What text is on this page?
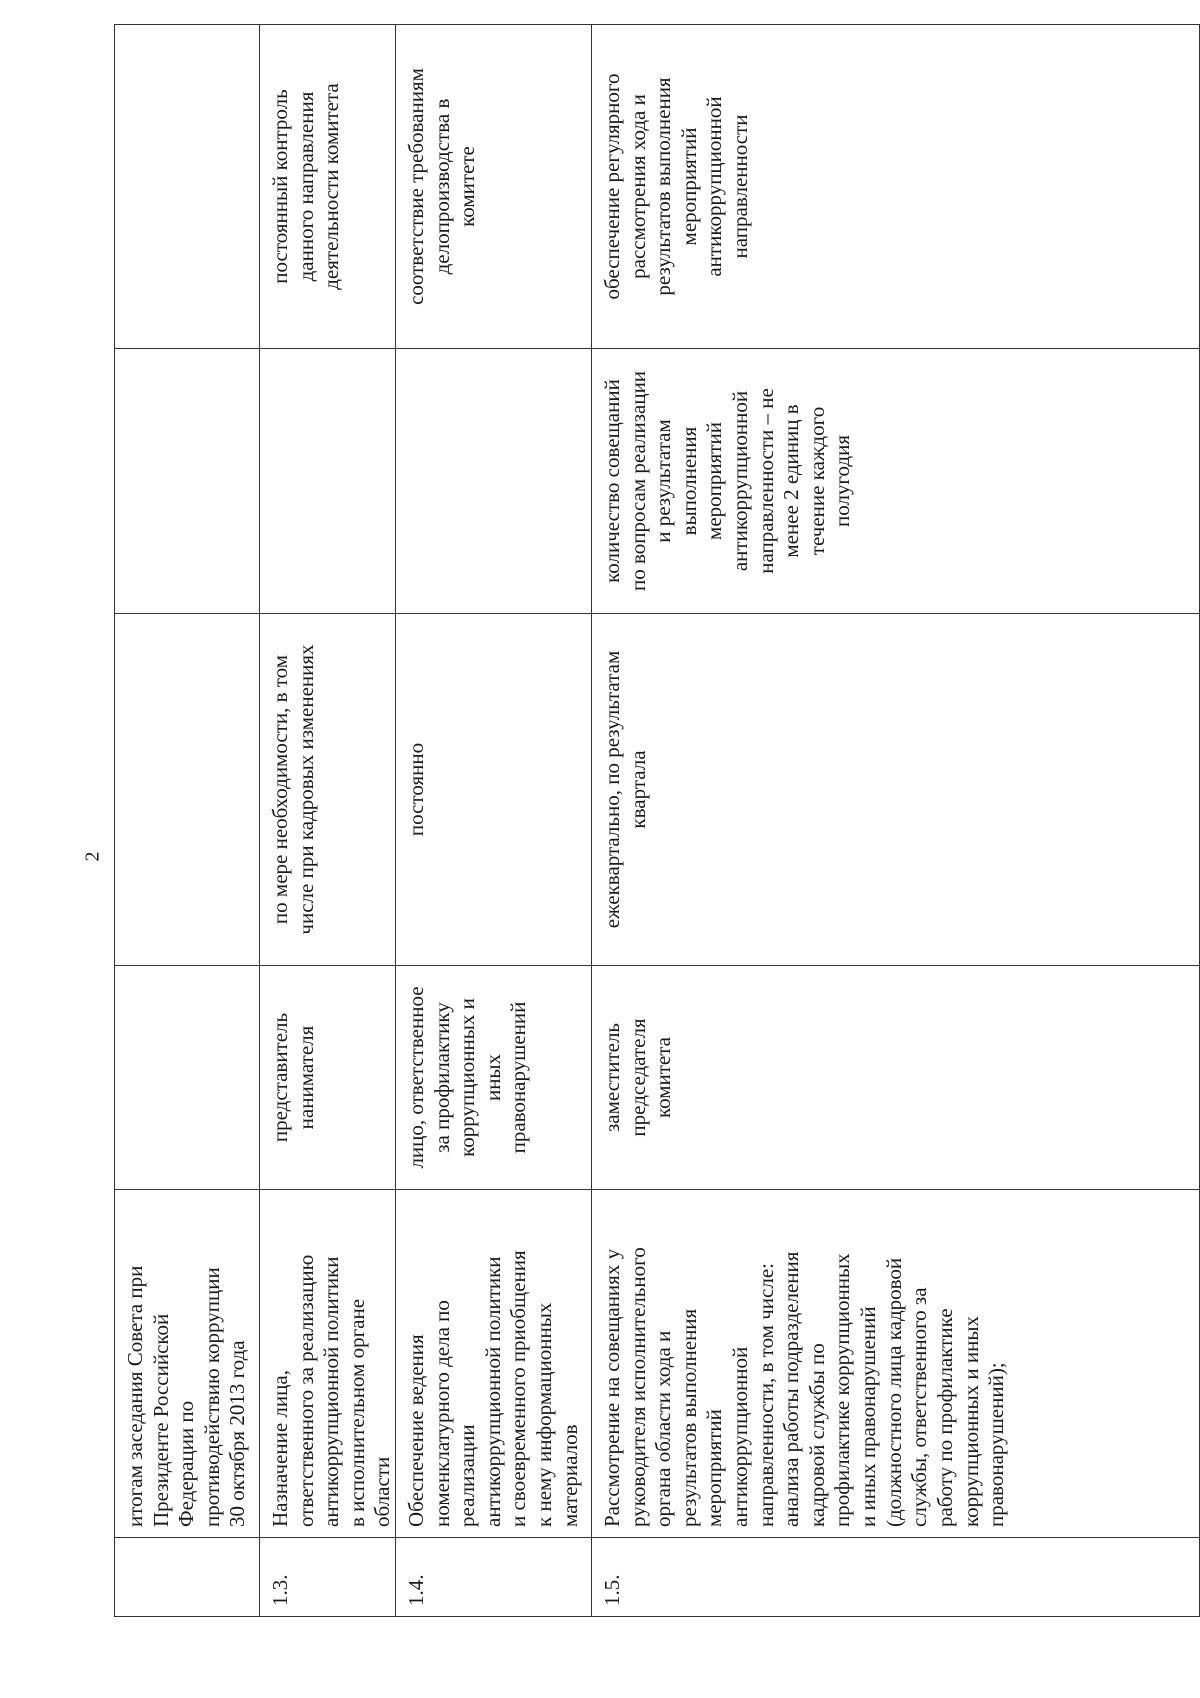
2
итогам заседания Совета при
Президенте Российской
Федерации по
противодействию коррупции
30 октября 2013 года
1.3.
Назначение лица,
ответственного за реализацию
антикоррупционной политики
в исполнительном органе
области
представитель
нанимателя
по мере необходимости, в том
числе при кадровых изменениях
постоянный контроль
данного направления
деятельности комитета
1.4.
Обеспечение ведения
номенклатурного дела по
реализации
антикоррупционной политики
и своевременного приобщения
к нему информационных
материалов
лицо, ответственное
за профилактику
коррупционных и
иных
правонарушений
постоянно
соответствие требованиям
делопроизводства в
комитете
1.5.
Рассмотрение на совещаниях у
руководителя исполнительного
органа области хода и
результатов выполнения
мероприятий
антикоррупционной
направленности, в том числе:
анализа работы подразделения
кадровой службы по
профилактике коррупционных
и иных правонарушений
(должностного лица кадровой
службы, ответственного за
работу по профилактике
коррупционных и иных
правонарушений);
заместитель
председателя
комитета
ежеквартально, по результатам
квартала
количество совещаний
по вопросам реализации
и результатам
выполнения
мероприятий
антикоррупционной
направленности – не
менее 2 единиц в
течение каждого
полугодия
обеспечение регулярного
рассмотрения хода и
результатов выполнения
мероприятий
антикоррупционной
направленности
